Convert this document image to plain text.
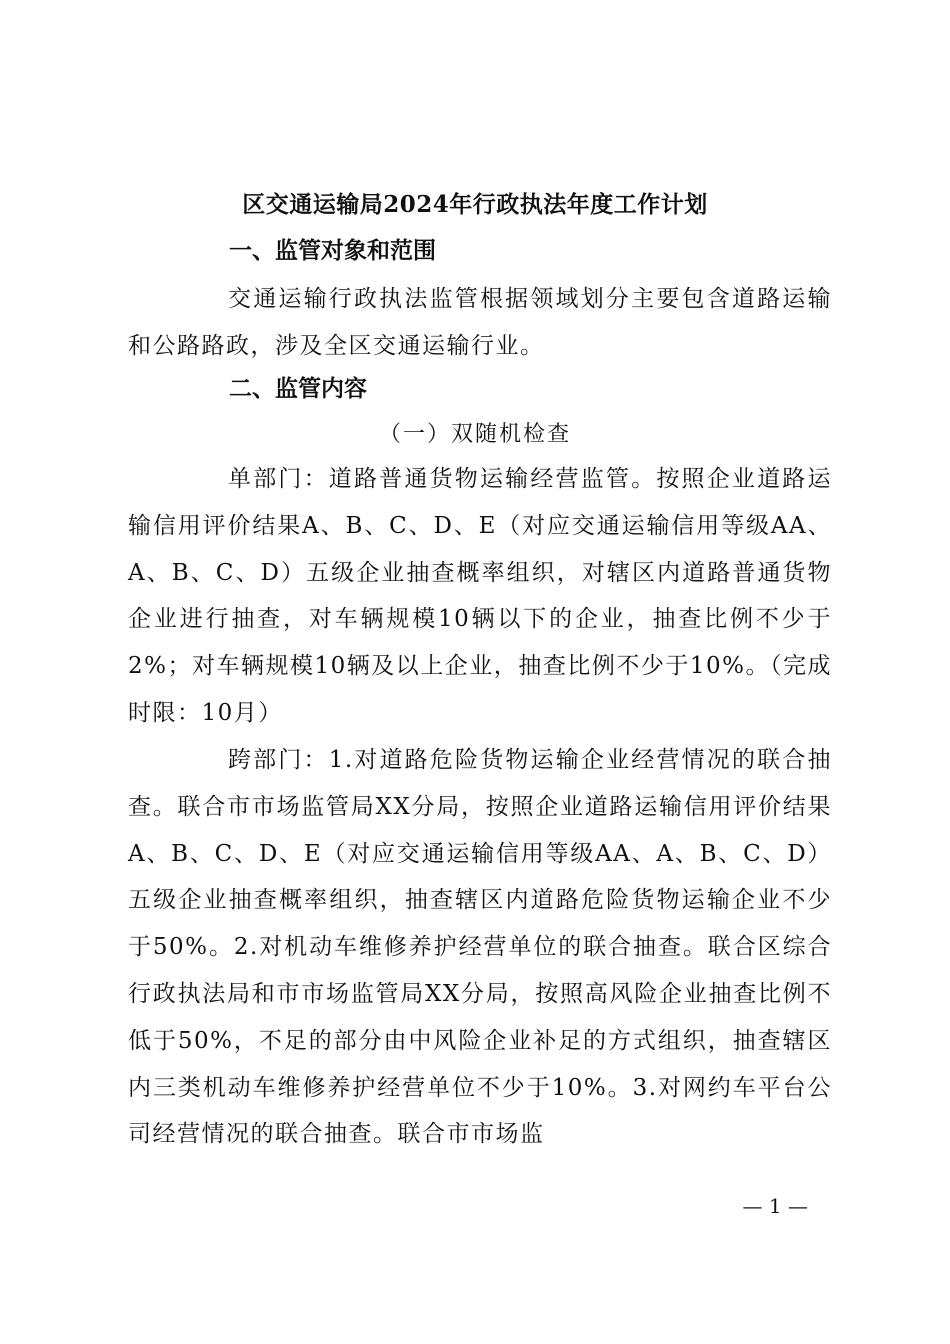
区交通运输局2024年行政执法年度工作计划
一、监管对象和范围
交通运输行政执法监管根据领域划分主要包含道路运输和公路路政，涉及全区交通运输行业。
二、监管内容
（一）双随机检查
单部门：道路普通货物运输经营监管。按照企业道路运输信用评价结果A、B、C、D、E（对应交通运输信用等级AA、A、B、C、D）五级企业抽查概率组织，对辖区内道路普通货物企业进行抽查，对车辆规模10辆以下的企业，抽查比例不少于2%；对车辆规模10辆及以上企业，抽查比例不少于10%。（完成时限：10月）
跨部门：1.对道路危险货物运输企业经营情况的联合抽查。联合市市场监管局XX分局，按照企业道路运输信用评价结果A、B、C、D、E（对应交通运输信用等级AA、A、B、C、D）五级企业抽查概率组织，抽查辖区内道路危险货物运输企业不少于50%。2.对机动车维修养护经营单位的联合抽查。联合区综合行政执法局和市市场监管局XX分局，按照高风险企业抽查比例不低于50%，不足的部分由中风险企业补足的方式组织，抽查辖区内三类机动车维修养护经营单位不少于10%。3.对网约车平台公司经营情况的联合抽查。联合市市场监
— 1 —
